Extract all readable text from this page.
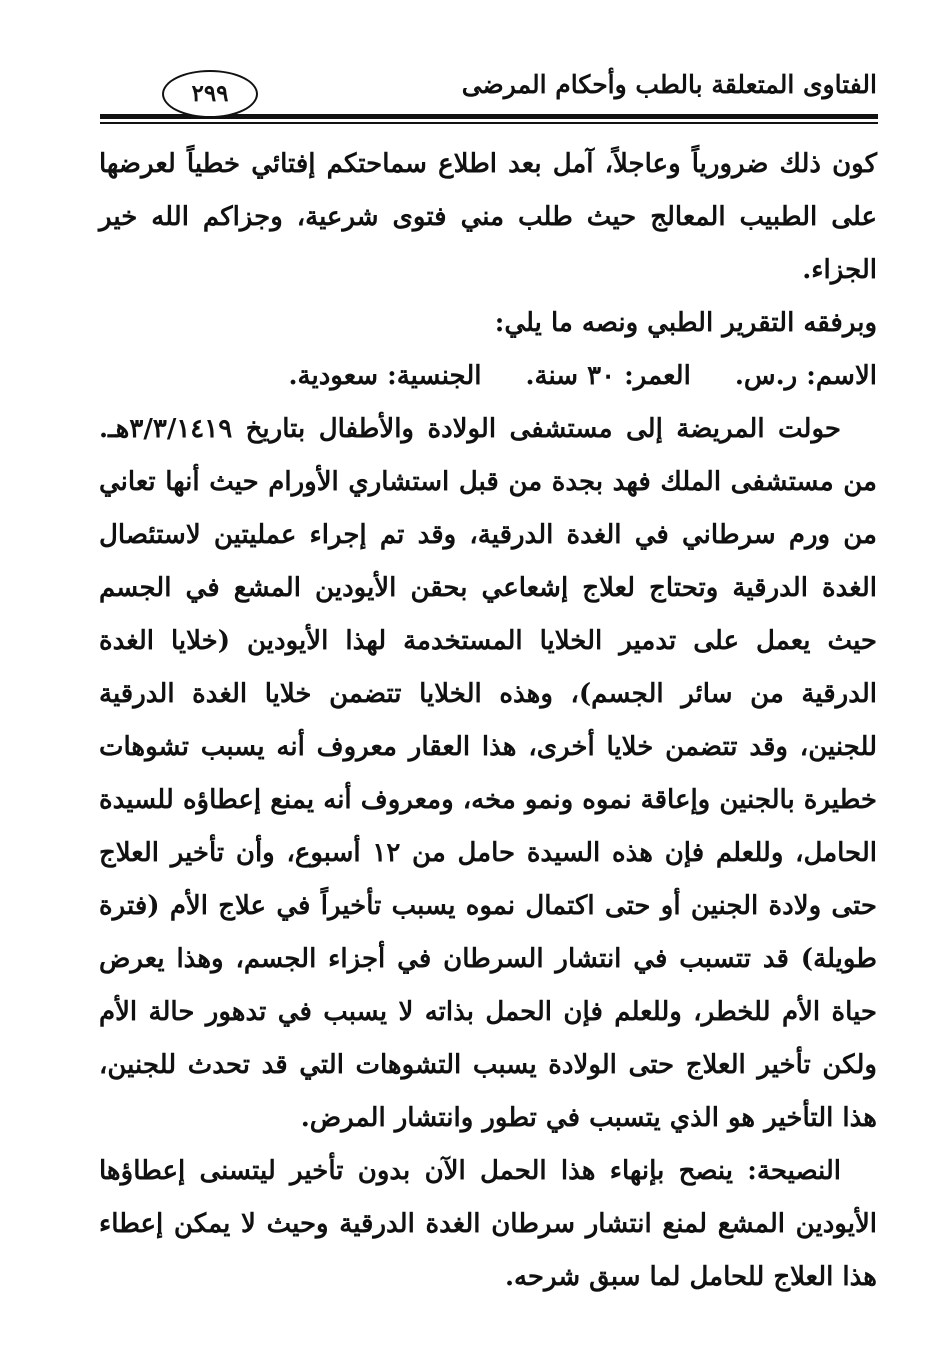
الفتاوى المتعلقة بالطب وأحكام المرضى
٢٩٩

كون ذلك ضرورياً وعاجلاً، آمل بعد اطلاع سماحتكم إفتائي خطياً لعرضها على الطبيب المعالج حيث طلب مني فتوى شرعية، وجزاكم الله خير الجزاء.

وبرفقه التقرير الطبي ونصه ما يلي:

الاسم: ر.س.العمر: ٣٠ سنة.الجنسية: سعودية.

حولت المريضة إلى مستشفى الولادة والأطفال بتاريخ ٣/٣/١٤١٩هـ. من مستشفى الملك فهد بجدة من قبل استشاري الأورام حيث أنها تعاني من ورم سرطاني في الغدة الدرقية، وقد تم إجراء عمليتين لاستئصال الغدة الدرقية وتحتاج لعلاج إشعاعي بحقن الأيودين المشع في الجسم حيث يعمل على تدمير الخلايا المستخدمة لهذا الأيودين (خلايا الغدة الدرقية من سائر الجسم)، وهذه الخلايا تتضمن خلايا الغدة الدرقية للجنين، وقد تتضمن خلايا أخرى، هذا العقار معروف أنه يسبب تشوهات خطيرة بالجنين وإعاقة نموه ونمو مخه، ومعروف أنه يمنع إعطاؤه للسيدة الحامل، وللعلم فإن هذه السيدة حامل من ١٢ أسبوع، وأن تأخير العلاج حتى ولادة الجنين أو حتى اكتمال نموه يسبب تأخيراً في علاج الأم (فترة طويلة) قد تتسبب في انتشار السرطان في أجزاء الجسم، وهذا يعرض حياة الأم للخطر، وللعلم فإن الحمل بذاته لا يسبب في تدهور حالة الأم ولكن تأخير العلاج حتى الولادة يسبب التشوهات التي قد تحدث للجنين، هذا التأخير هو الذي يتسبب في تطور وانتشار المرض.

النصيحة: ينصح بإنهاء هذا الحمل الآن بدون تأخير ليتسنى إعطاؤها الأيودين المشع لمنع انتشار سرطان الغدة الدرقية وحيث لا يمكن إعطاء هذا العلاج للحامل لما سبق شرحه.
